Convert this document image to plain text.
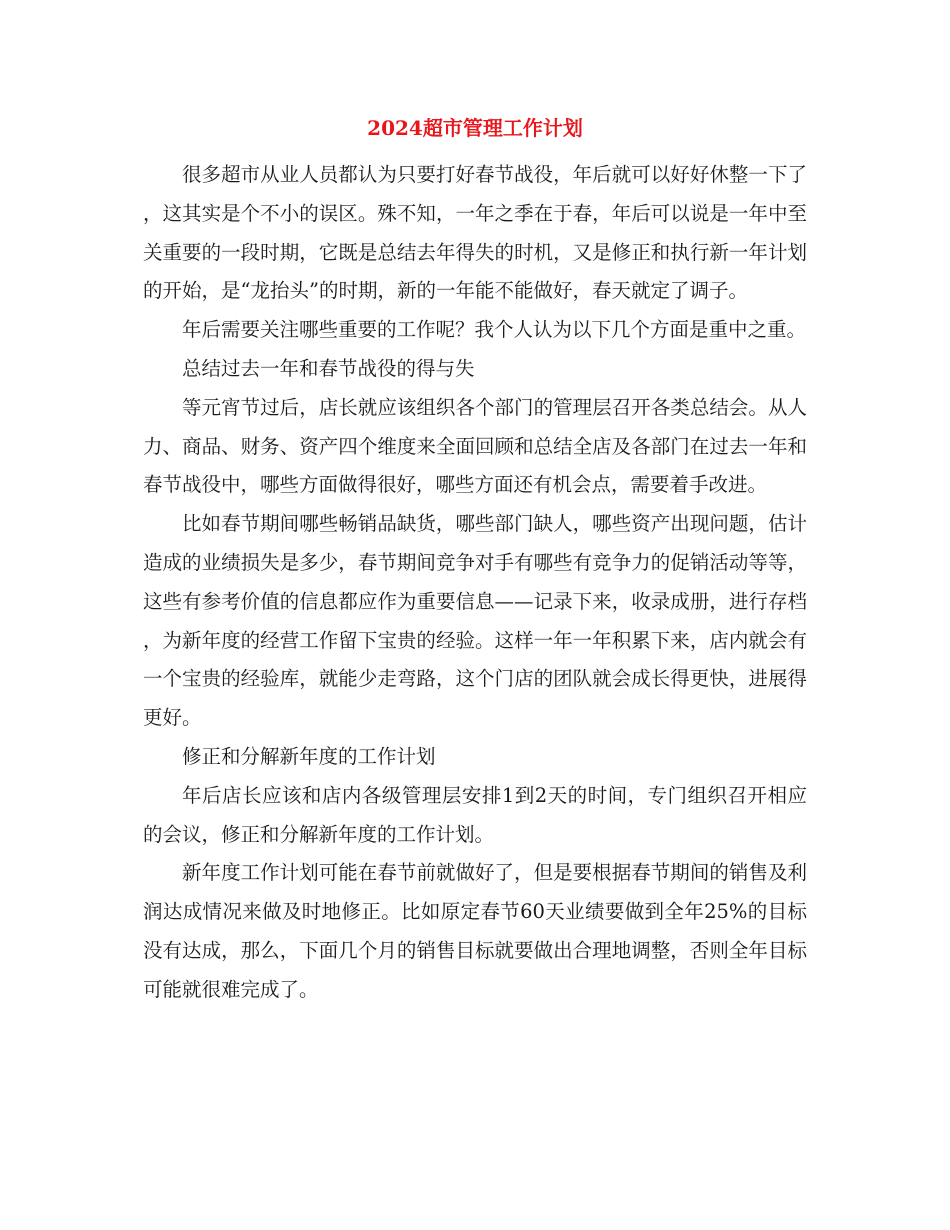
2024超市管理工作计划

很多超市从业人员都认为只要打好春节战役，年后就可以好好休整一下了，这其实是个不小的误区。殊不知，一年之季在于春，年后可以说是一年中至关重要的一段时期，它既是总结去年得失的时机，又是修正和执行新一年计划的开始，是“龙抬头”的时期，新的一年能不能做好，春天就定了调子。

年后需要关注哪些重要的工作呢？我个人认为以下几个方面是重中之重。

总结过去一年和春节战役的得与失

等元宵节过后，店长就应该组织各个部门的管理层召开各类总结会。从人力、商品、财务、资产四个维度来全面回顾和总结全店及各部门在过去一年和春节战役中，哪些方面做得很好，哪些方面还有机会点，需要着手改进。

比如春节期间哪些畅销品缺货，哪些部门缺人，哪些资产出现问题，估计造成的业绩损失是多少，春节期间竞争对手有哪些有竞争力的促销活动等等，这些有参考价值的信息都应作为重要信息——记录下来，收录成册，进行存档，为新年度的经营工作留下宝贵的经验。这样一年一年积累下来，店内就会有一个宝贵的经验库，就能少走弯路，这个门店的团队就会成长得更快，进展得更好。

修正和分解新年度的工作计划

年后店长应该和店内各级管理层安排1到2天的时间，专门组织召开相应的会议，修正和分解新年度的工作计划。

新年度工作计划可能在春节前就做好了，但是要根据春节期间的销售及利润达成情况来做及时地修正。比如原定春节60天业绩要做到全年25%的目标没有达成，那么，下面几个月的销售目标就要做出合理地调整，否则全年目标可能就很难完成了。
